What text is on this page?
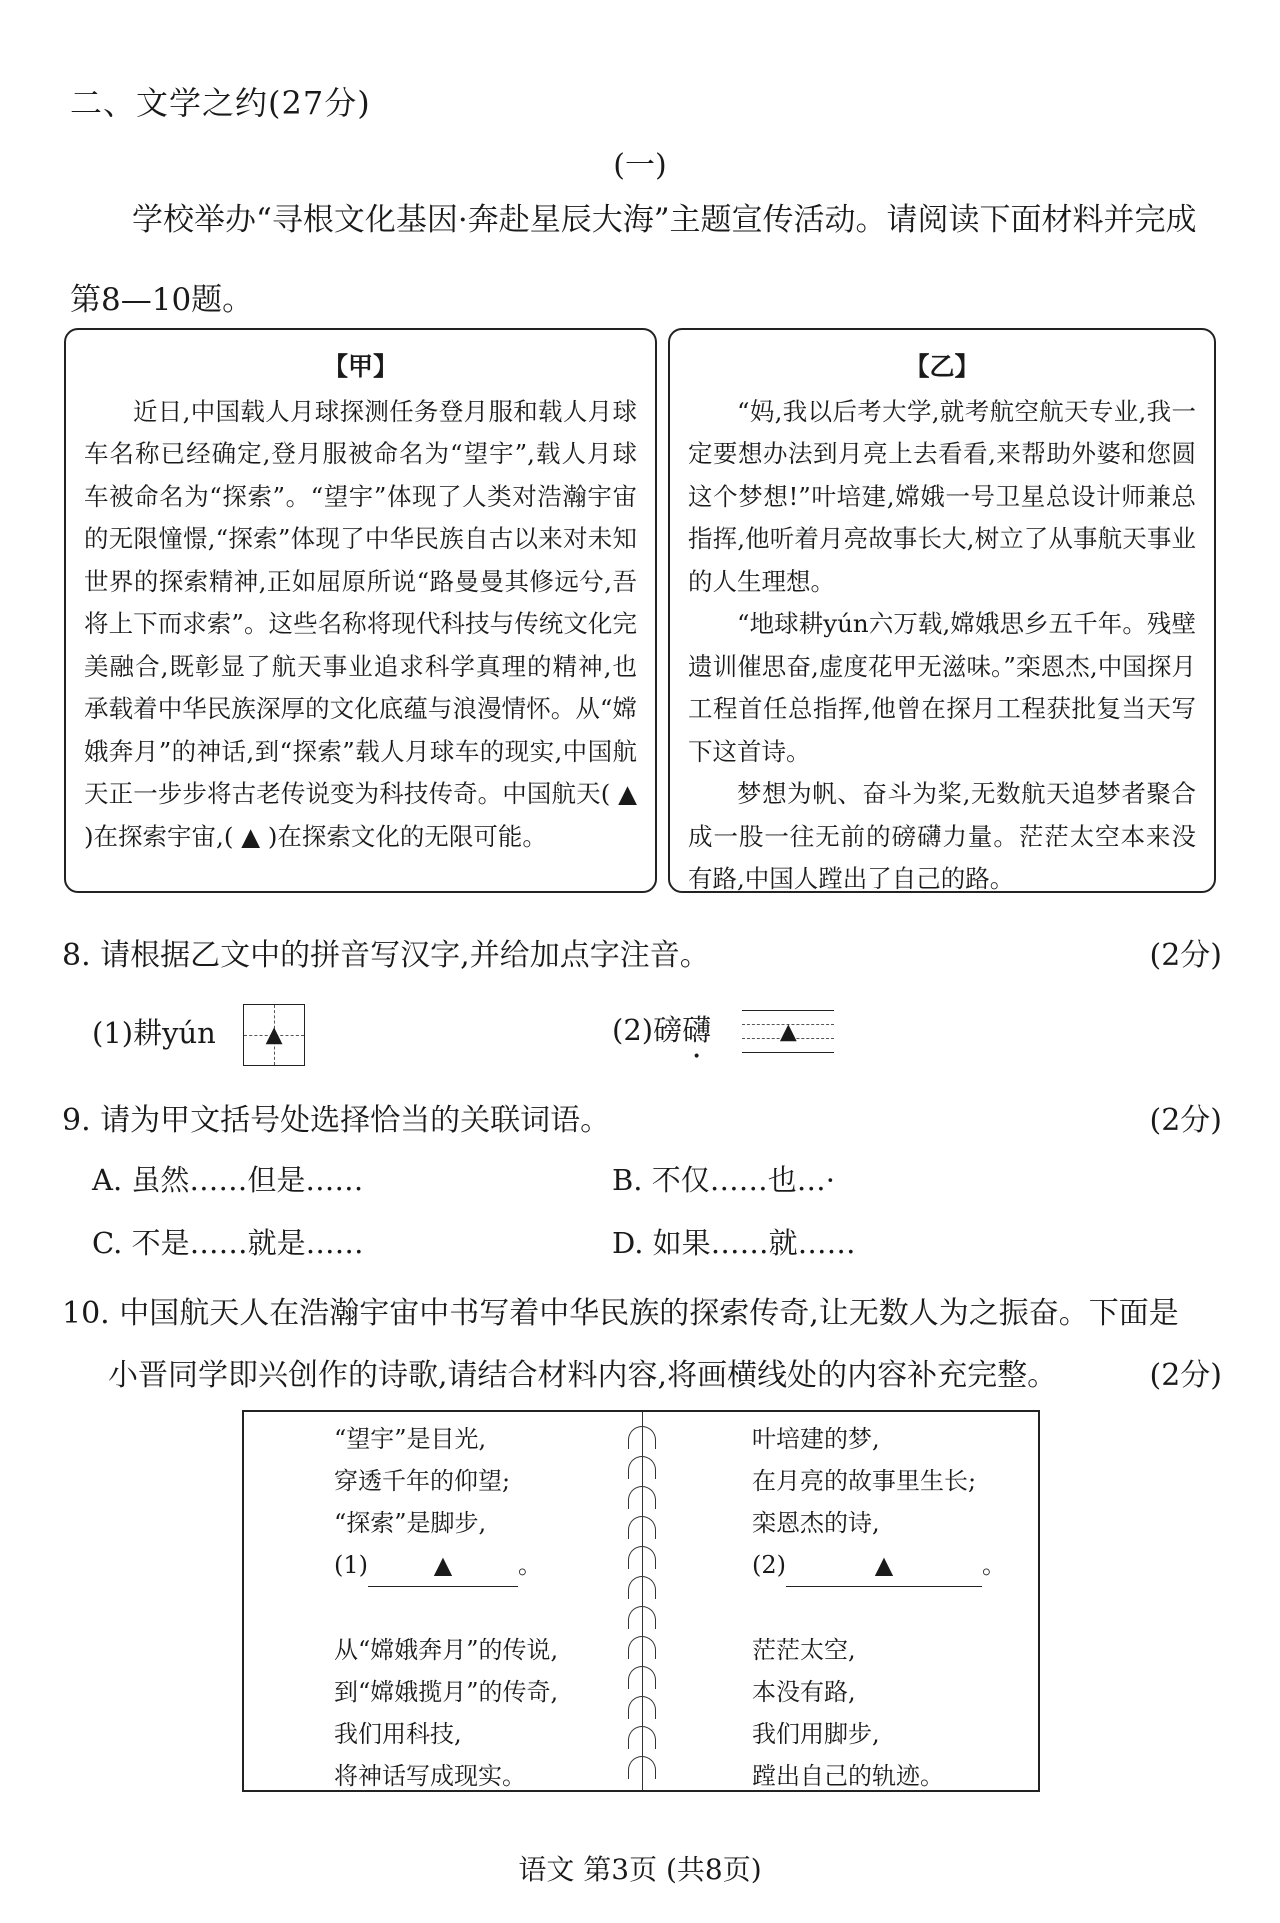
二、文学之约(27分)
(一)

学校举办“寻根文化基因·奔赴星辰大海”主题宣传活动。请阅读下面材料并完成第8—10题。

【甲】

近日,中国载人月球探测任务登月服和载人月球车名称已经确定,登月服被命名为“望宇”,载人月球车被命名为“探索”。“望宇”体现了人类对浩瀚宇宙的无限憧憬,“探索”体现了中华民族自古以来对未知世界的探索精神,正如屈原所说“路曼曼其修远兮,吾将上下而求索”。这些名称将现代科技与传统文化完美融合,既彰显了航天事业追求科学真理的精神,也承载着中华民族深厚的文化底蕴与浪漫情怀。从“嫦娥奔月”的神话,到“探索”载人月球车的现实,中国航天正一步步将古老传说变为科技传奇。中国航天( ▲ )在探索宇宙,( ▲ )在探索文化的无限可能。

【乙】

“妈,我以后考大学,就考航空航天专业,我一定要想办法到月亮上去看看,来帮助外婆和您圆这个梦想!”叶培建,嫦娥一号卫星总设计师兼总指挥,他听着月亮故事长大,树立了从事航天事业的人生理想。

“地球耕yún六万载,嫦娥思乡五千年。残壁遗训催思奋,虚度花甲无滋味。”栾恩杰,中国探月工程首任总指挥,他曾在探月工程获批复当天写下这首诗。

梦想为帆、奋斗为桨,无数航天追梦者聚合成一股一往无前的磅礴力量。茫茫太空本来没有路,中国人蹚出了自己的路。

8. 请根据乙文中的拼音写汉字,并给加点字注音。	(2分)
(1)耕yún ▲	(2)磅礴	▲
9. 请为甲文括号处选择恰当的关联词语。	(2分)
A. 虽然……但是……	B. 不仅……也…·
C. 不是……就是……	D. 如果……就……
10. 中国航天人在浩瀚宇宙中书写着中华民族的探索传奇,让无数人为之振奋。下面是
小晋同学即兴创作的诗歌,请结合材料内容,将画横线处的内容补充完整。	(2分)
“望宇”是目光,
穿透千年的仰望;
“探索”是脚步,
(1)	▲	。
从“嫦娥奔月”的传说,
到“嫦娥揽月”的传奇,
我们用科技,
将神话写成现实。
叶培建的梦,
在月亮的故事里生长;
栾恩杰的诗,
(2)	▲	。
茫茫太空,
本没有路,
我们用脚步,
蹚出自己的轨迹。
语文 第3页 (共8页)
